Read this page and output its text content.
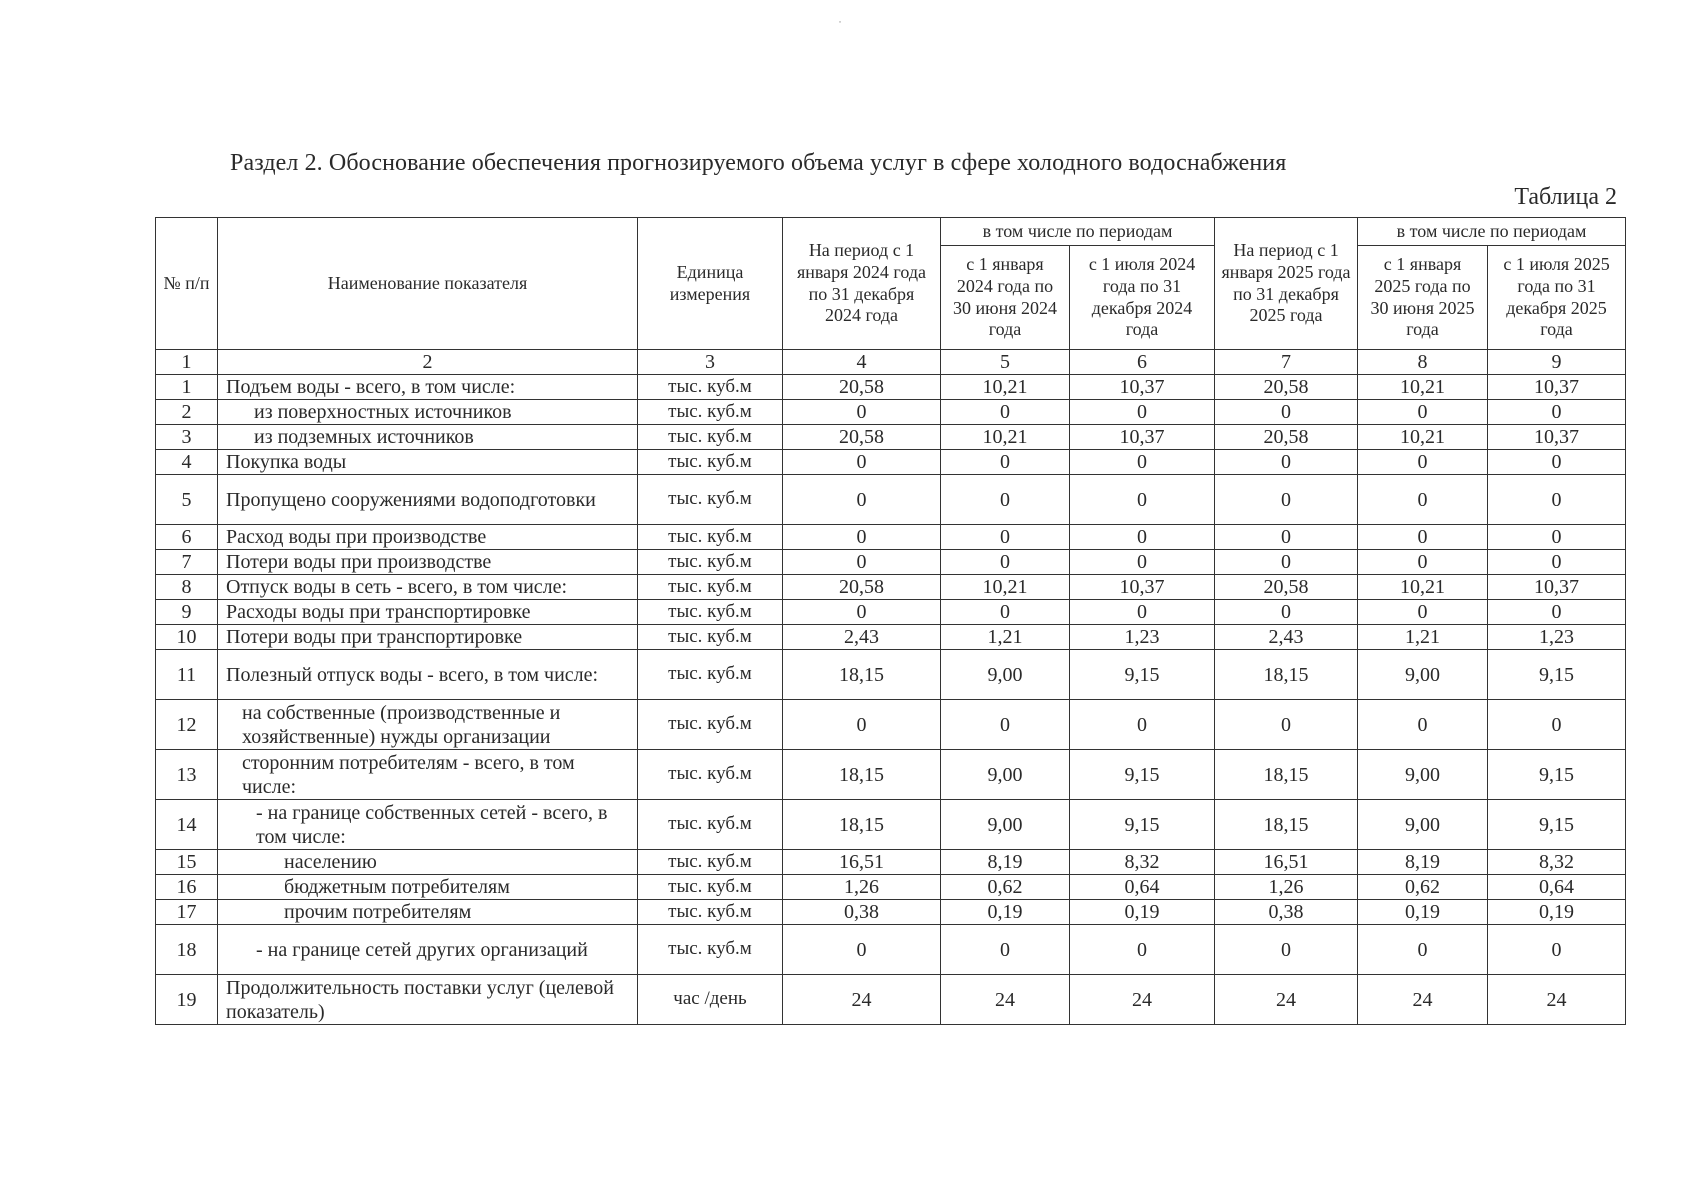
˙
Раздел 2. Обоснование обеспечения прогнозируемого объема услуг в сфере холодного водоснабжения
Таблица 2
№ п/п	Наименование показателя	Единица измерения	На период с 1 января 2024 года по 31 декабря 2024 года	в том числе по периодам		На период с 1 января 2025 года по 31 декабря 2025 года	в том числе по периодам	
				с 1 января 2024 года по 30 июня 2024 года	с 1 июля 2024 года по 31 декабря 2024 года		с 1 января 2025 года по 30 июня 2025 года	с 1 июля 2025 года по 31 декабря 2025 года
1	2	3	4	5	6	7	8	9
1	Подъем воды - всего, в том числе:	тыс. куб.м	20,58	10,21	10,37	20,58	10,21	10,37
2	из поверхностных источников	тыс. куб.м	0	0	0	0	0	0
3	из подземных источников	тыс. куб.м	20,58	10,21	10,37	20,58	10,21	10,37
4	Покупка воды	тыс. куб.м	0	0	0	0	0	0
5	Пропущено сооружениями водоподготовки	тыс. куб.м	0	0	0	0	0	0
6	Расход воды при производстве	тыс. куб.м	0	0	0	0	0	0
7	Потери воды при производстве	тыс. куб.м	0	0	0	0	0	0
8	Отпуск воды в сеть - всего, в том числе:	тыс. куб.м	20,58	10,21	10,37	20,58	10,21	10,37
9	Расходы воды при транспортировке	тыс. куб.м	0	0	0	0	0	0
10	Потери воды при транспортировке	тыс. куб.м	2,43	1,21	1,23	2,43	1,21	1,23
11	Полезный отпуск воды - всего, в том числе:	тыс. куб.м	18,15	9,00	9,15	18,15	9,00	9,15
12	на собственные (производственные и хозяйственные) нужды организации	тыс. куб.м	0	0	0	0	0	0
13	сторонним потребителям - всего, в том числе:	тыс. куб.м	18,15	9,00	9,15	18,15	9,00	9,15
14	- на границе собственных сетей - всего, в том числе:	тыс. куб.м	18,15	9,00	9,15	18,15	9,00	9,15
15	населению	тыс. куб.м	16,51	8,19	8,32	16,51	8,19	8,32
16	бюджетным потребителям	тыс. куб.м	1,26	0,62	0,64	1,26	0,62	0,64
17	прочим потребителям	тыс. куб.м	0,38	0,19	0,19	0,38	0,19	0,19
18	- на границе сетей других организаций	тыс. куб.м	0	0	0	0	0	0
19	Продолжительность поставки услуг (целевой показатель)	час /день	24	24	24	24	24	24
